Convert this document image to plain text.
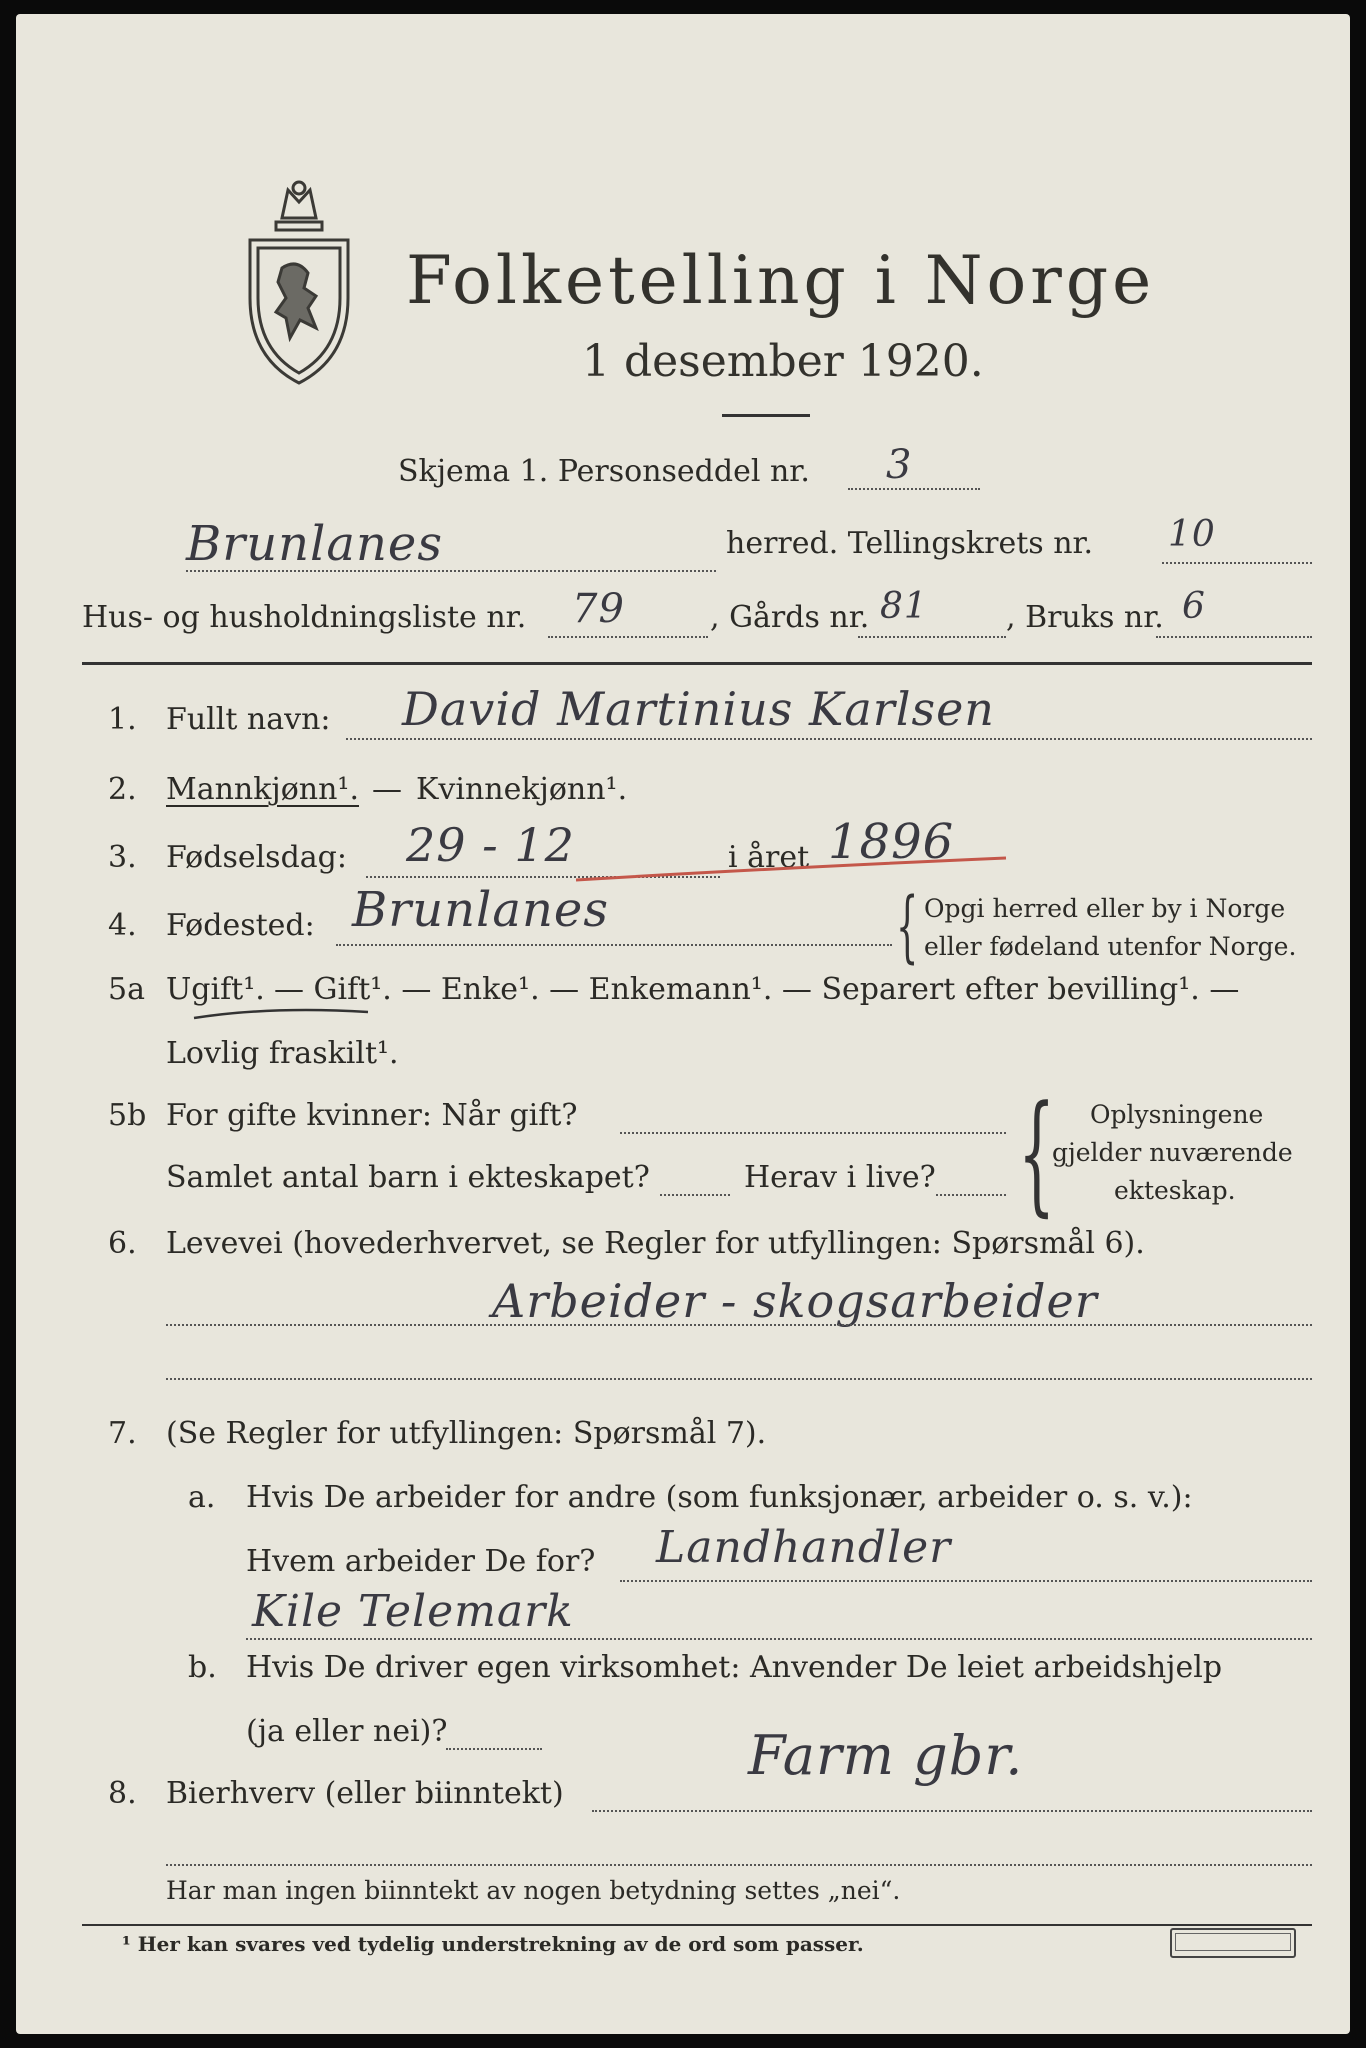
Folketelling i Norge
1 desember 1920.
Skjema 1. Personseddel nr. 3
Brunlanes	herred. Tellingskrets nr. 10
Hus- og husholdningsliste nr. 79	, Gårds nr. 81	, Bruks nr. 6
1. Fullt navn: David Martinius Karlsen
2. Mannkjønn¹. — Kvinnekjønn¹.
3. Fødselsdag: 29 - 12	i året 1896
4. Fødested: Brunlanes	{ Opgi herred eller by i Norge
eller fødeland utenfor Norge.
5a Ugift¹. — Gift¹. — Enke¹. — Enkemann¹. — Separert efter bevilling¹. —
Lovlig fraskilt¹.
5b For gifte kvinner: Når gift?
Samlet antal barn i ekteskapet?	Herav i live? { Oplysningene
gjelder nuværende
ekteskap.
6. Levevei (hovederhvervet, se Regler for utfyllingen: Spørsmål 6).
Arbeider - skogsarbeider
7. (Se Regler for utfyllingen: Spørsmål 7).
a. Hvis De arbeider for andre (som funksjonær, arbeider o. s. v.):
Hvem arbeider De for? Landhandler
Kile Telemark
b. Hvis De driver egen virksomhet: Anvender De leiet arbeidshjelp
(ja eller nei)?
8. Bierhverv (eller biinntekt)
Farm gbr.
Har man ingen biinntekt av nogen betydning settes „nei“.
¹ Her kan svares ved tydelig understrekning av de ord som passer.
